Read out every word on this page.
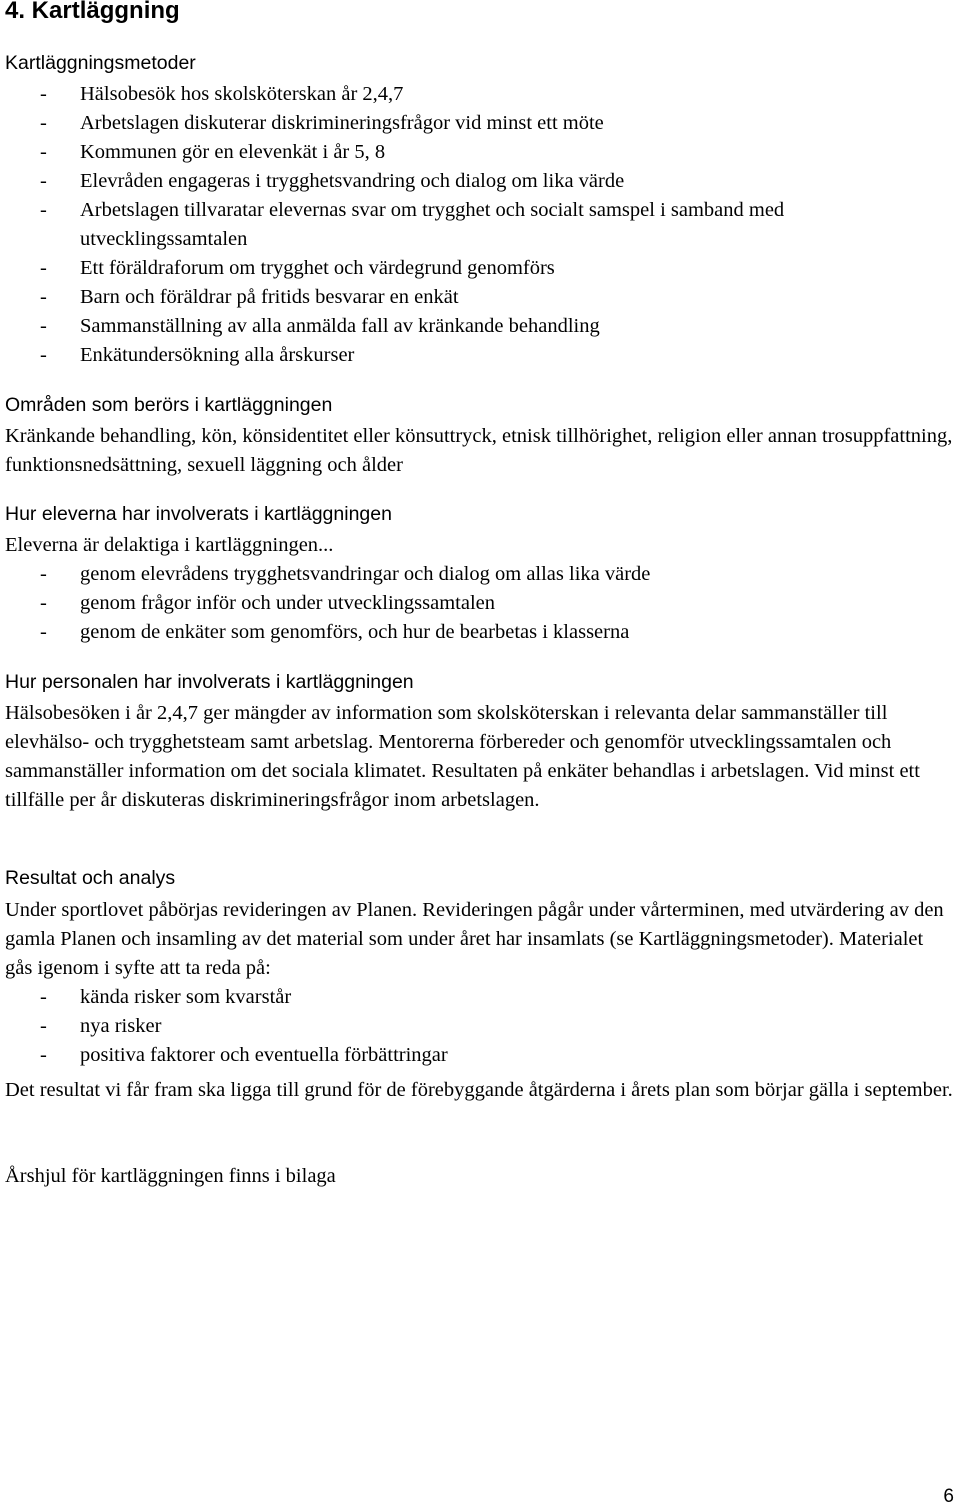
4. Kartläggning
Kartläggningsmetoder
- Hälsobesök hos skolsköterskan år 2,4,7
- Arbetslagen diskuterar diskrimineringsfrågor vid minst ett möte
- Kommunen gör en elevenkät i år 5, 8
- Elevråden engageras i trygghetsvandring och dialog om lika värde
- Arbetslagen tillvaratar elevernas svar om trygghet och socialt samspel i samband med utvecklingssamtalen
- Ett föräldraforum om trygghet och värdegrund genomförs
- Barn och föräldrar på fritids besvarar en enkät
- Sammanställning av alla anmälda fall av kränkande behandling
- Enkätundersökning alla årskurser
Områden som berörs i kartläggningen

Kränkande behandling, kön, könsidentitet eller könsuttryck, etnisk tillhörighet, religion eller annan trosuppfattning, funktionsnedsättning, sexuell läggning och ålder

Hur eleverna har involverats i kartläggningen

Eleverna är delaktiga i kartläggningen...

- genom elevrådens trygghetsvandringar och dialog om allas lika värde
- genom frågor inför och under utvecklingssamtalen
- genom de enkäter som genomförs, och hur de bearbetas i klasserna
Hur personalen har involverats i kartläggningen

Hälsobesöken i år 2,4,7 ger mängder av information som skolsköterskan i relevanta delar sammanställer till elevhälso- och trygghetsteam samt arbetslag. Mentorerna förbereder och genomför utvecklingssamtalen och sammanställer information om det sociala klimatet. Resultaten på enkäter behandlas i arbetslagen. Vid minst ett tillfälle per år diskuteras diskrimineringsfrågor inom arbetslagen.

Resultat och analys

Under sportlovet påbörjas revideringen av Planen. Revideringen pågår under vårterminen, med utvärdering av den gamla Planen och insamling av det material som under året har insamlats (se Kartläggningsmetoder). Materialet gås igenom i syfte att ta reda på:

- kända risker som kvarstår
- nya risker
- positiva faktorer och eventuella förbättringar

Det resultat vi får fram ska ligga till grund för de förebyggande åtgärderna i årets plan som börjar gälla i september.

Årshjul för kartläggningen finns i bilaga

6
